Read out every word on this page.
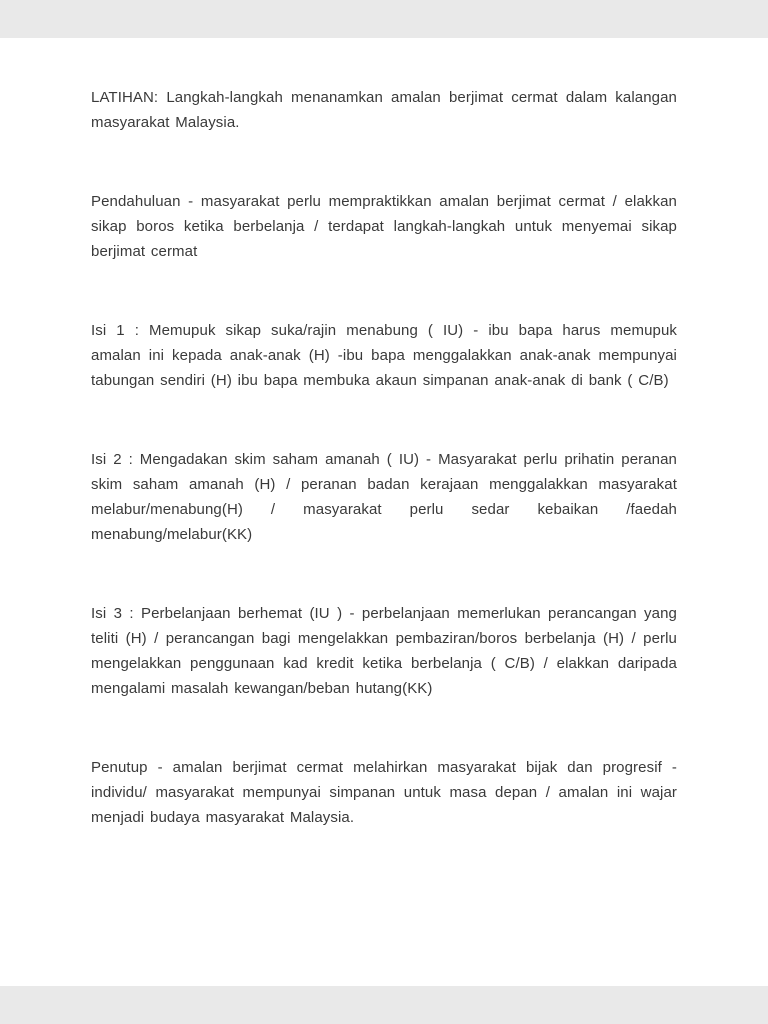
LATIHAN: Langkah-langkah menanamkan amalan berjimat cermat dalam kalangan masyarakat Malaysia.

Pendahuluan - masyarakat perlu mempraktikkan amalan berjimat cermat / elakkan sikap boros ketika berbelanja / terdapat langkah-langkah untuk menyemai sikap berjimat cermat

Isi 1 : Memupuk sikap suka/rajin menabung ( IU) - ibu bapa harus memupuk amalan ini kepada anak-anak (H) -ibu bapa menggalakkan anak-anak mempunyai tabungan sendiri (H) ibu bapa membuka akaun simpanan anak-anak di bank ( C/B)

Isi 2 : Mengadakan skim saham amanah ( IU) - Masyarakat perlu prihatin peranan skim saham amanah (H) / peranan badan kerajaan menggalakkan masyarakat melabur/menabung(H) / masyarakat perlu sedar kebaikan /faedah menabung/melabur(KK)

Isi 3 : Perbelanjaan berhemat (IU ) - perbelanjaan memerlukan perancangan yang teliti (H) / perancangan bagi mengelakkan pembaziran/boros berbelanja (H) / perlu mengelakkan penggunaan kad kredit ketika berbelanja ( C/B) / elakkan daripada mengalami masalah kewangan/beban hutang(KK)

Penutup - amalan berjimat cermat melahirkan masyarakat bijak dan progresif - individu/ masyarakat mempunyai simpanan untuk masa depan / amalan ini wajar menjadi budaya masyarakat Malaysia.
